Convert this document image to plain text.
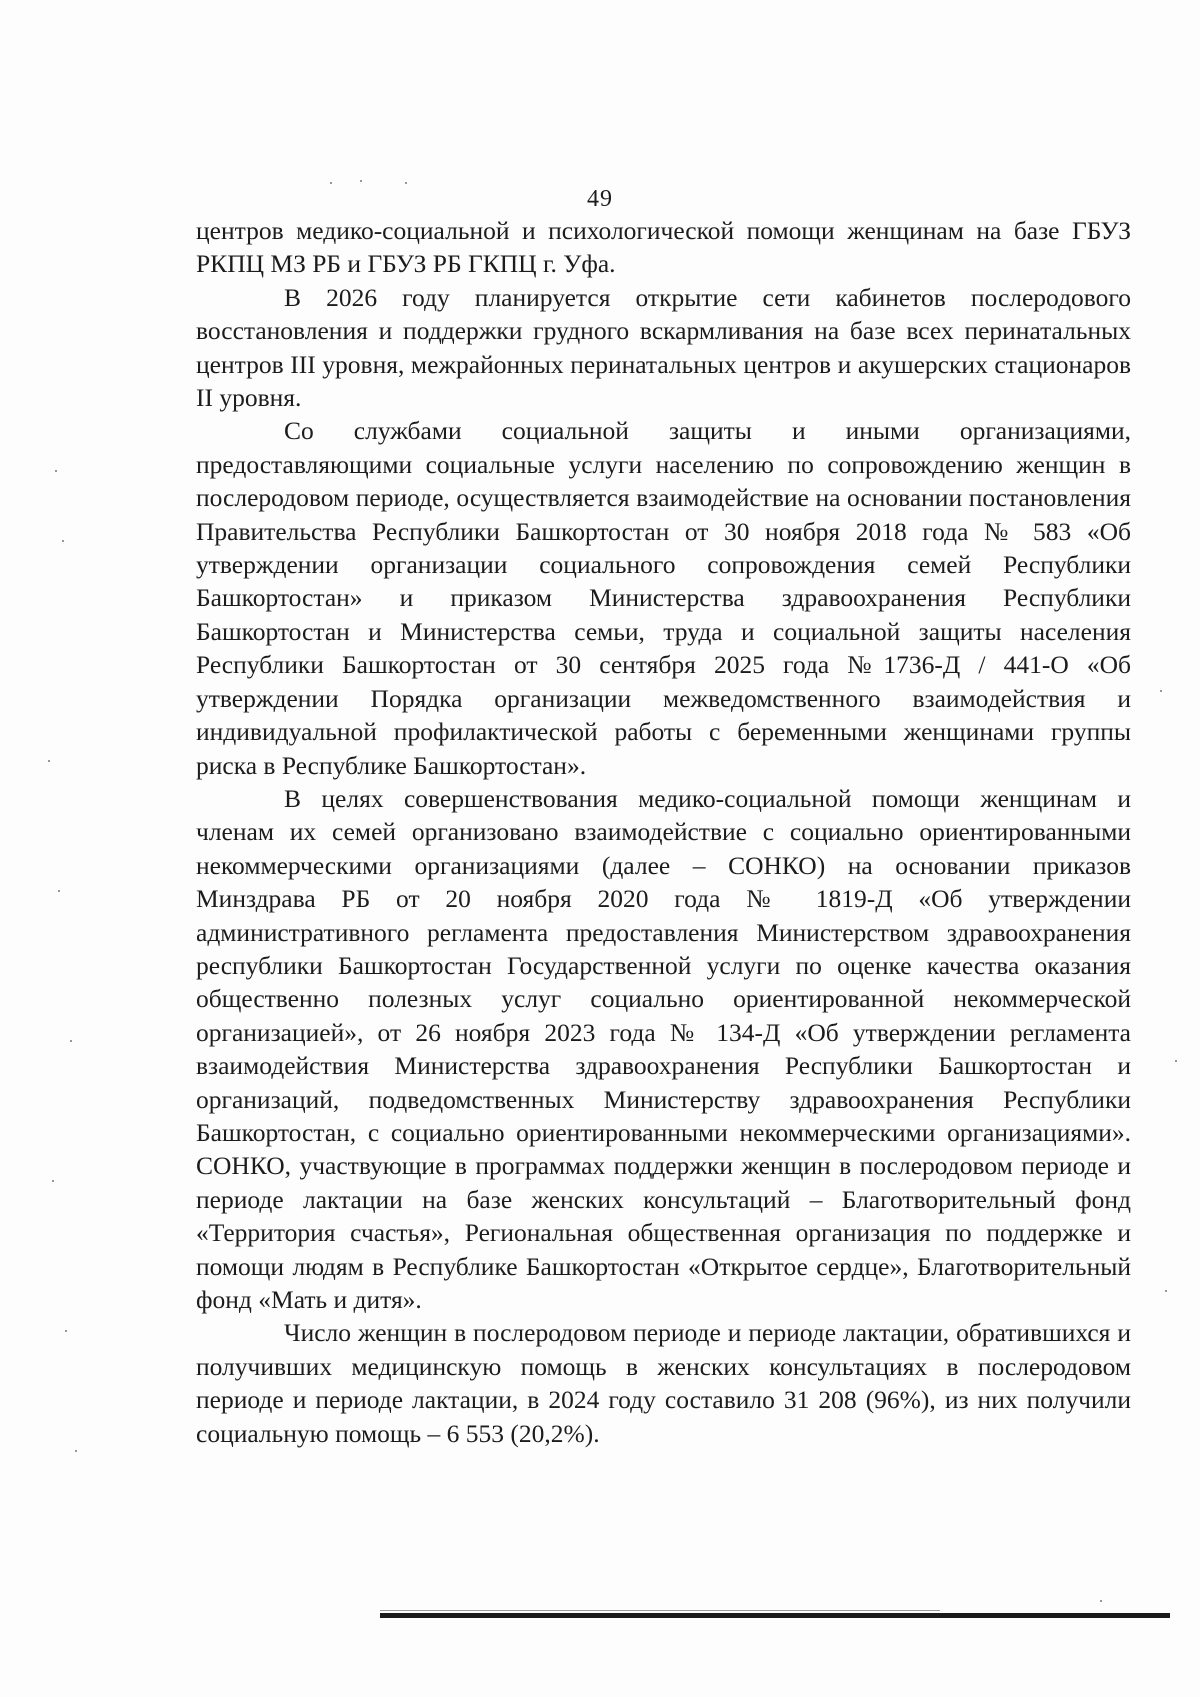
49

центров медико-социальной и психологической помощи женщинам на базе ГБУЗ РКПЦ МЗ РБ и ГБУЗ РБ ГКПЦ г. Уфа.

В 2026 году планируется открытие сети кабинетов послеродового восстановления и поддержки грудного вскармливания на базе всех перинатальных центров III уровня, межрайонных перинатальных центров и акушерских стационаров II уровня.

Со службами социальной защиты и иными организациями, предоставляющими социальные услуги населению по сопровождению женщин в послеродовом периоде, осуществляется взаимодействие на основании постановления Правительства Республики Башкортостан от 30 ноября 2018 года № 583 «Об утверждении организации социального сопровождения семей Республики Башкортостан» и приказом Министерства здравоохранения Республики Башкортостан и Министерства семьи, труда и социальной защиты населения Республики Башкортостан от 30 сентября 2025 года №1736-Д / 441-О «Об утверждении Порядка организации межведомственного взаимодействия и индивидуальной профилактической работы с беременными женщинами группы риска в Республике Башкортостан».

В целях совершенствования медико-социальной помощи женщинам и членам их семей организовано взаимодействие с социально ориентированными некоммерческими организациями (далее – СОНКО) на основании приказов Минздрава РБ от 20 ноября 2020 года № 1819-Д «Об утверждении административного регламента предоставления Министерством здравоохранения республики Башкортостан Государственной услуги по оценке качества оказания общественно полезных услуг социально ориентированной некоммерческой организацией», от 26 ноября 2023 года № 134-Д «Об утверждении регламента взаимодействия Министерства здравоохранения Республики Башкортостан и организаций, подведомственных Министерству здравоохранения Республики Башкортостан, с социально ориентированными некоммерческими организациями». СОНКО, участвующие в программах поддержки женщин в послеродовом периоде и периоде лактации на базе женских консультаций – Благотворительный фонд «Территория счастья», Региональная общественная организация по поддержке и помощи людям в Республике Башкортостан «Открытое сердце», Благотворительный фонд «Мать и дитя».

Число женщин в послеродовом периоде и периоде лактации, обратившихся и получивших медицинскую помощь в женских консультациях в послеродовом периоде и периоде лактации, в 2024 году составило 31 208 (96%), из них получили социальную помощь – 6 553 (20,2%).
